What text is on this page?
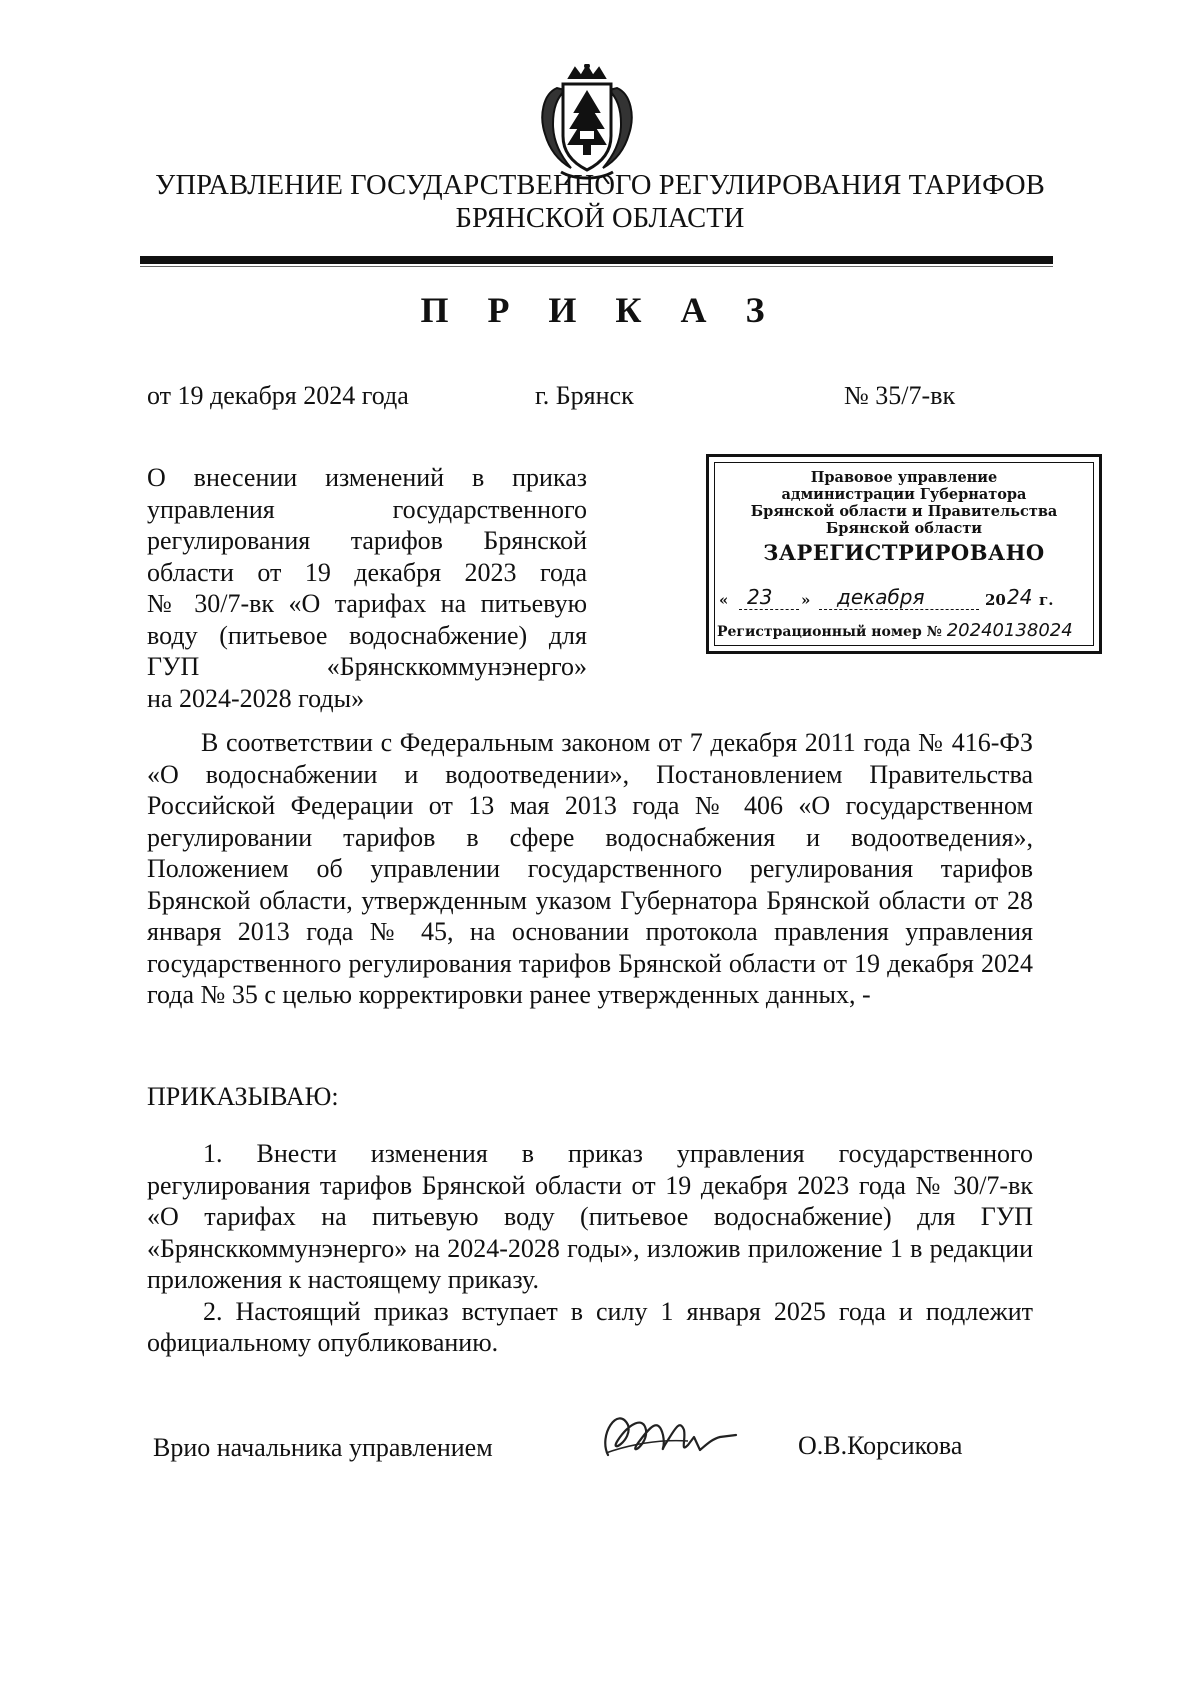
УПРАВЛЕНИЕ ГОСУДАРСТВЕННОГО РЕГУЛИРОВАНИЯ ТАРИФОВ
БРЯНСКОЙ ОБЛАСТИ
П Р И К А З
от 19 декабря 2024 года	г. Брянск	№ 35/7-вк
О внесении изменений в приказ
управления государственного
регулирования тарифов Брянской
области от 19 декабря 2023 года
№ 30/7-вк «О тарифах на питьевую
воду (питьевое водоснабжение) для
ГУП «Брянсккоммунэнерго»
на 2024-2028 годы»
Правовое управление
администрации Губернатора
Брянской области и Правительства
Брянской области
ЗАРЕГИСТРИРОВАНО
« 23 » декабря	20 24 г.
Регистрационный номер № 20240138024

В соответствии с Федеральным законом от 7 декабря 2011 года № 416-ФЗ «О водоснабжении и водоотведении», Постановлением Правительства Российской Федерации от 13 мая 2013 года № 406 «О государственном регулировании тарифов в сфере водоснабжения и водоотведения», Положением об управлении государственного регулирования тарифов Брянской области, утвержденным указом Губернатора Брянской области от 28 января 2013 года № 45, на основании протокола правления управления государственного регулирования тарифов Брянской области от 19 декабря 2024 года № 35 с целью корректировки ранее утвержденных данных, -

ПРИКАЗЫВАЮ:

1. Внести изменения в приказ управления государственного регулирования тарифов Брянской области от 19 декабря 2023 года № 30/7-вк «О тарифах на питьевую воду (питьевое водоснабжение) для ГУП «Брянсккоммунэнерго» на 2024-2028 годы», изложив приложение 1 в редакции приложения к настоящему приказу.

2. Настоящий приказ вступает в силу 1 января 2025 года и подлежит официальному опубликованию.

Врио начальника управлением	О.В.Корсикова
